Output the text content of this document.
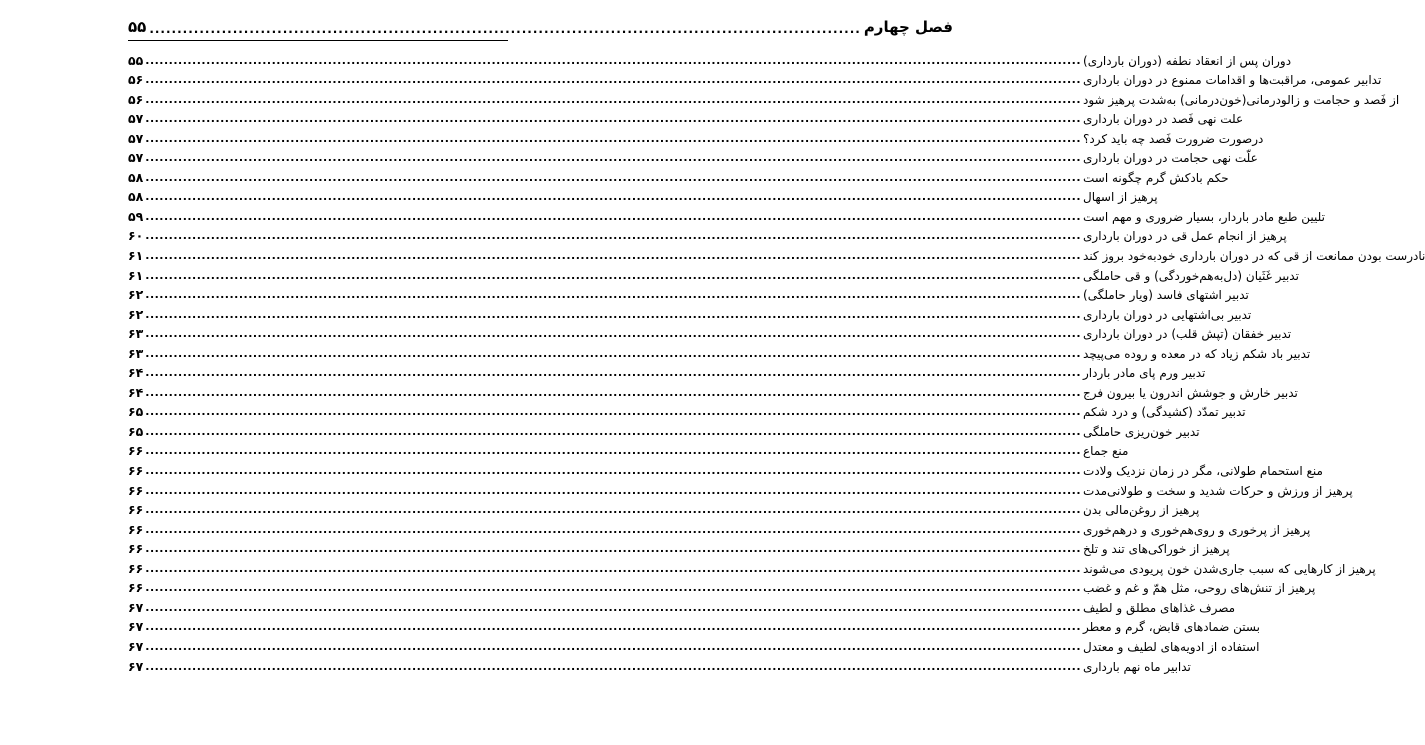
۵۵ ................................................................................................................................ فصل چهارم
۵۵ ........................................................................................................................................................................................................ دوران پس از انعقاد نطفه (دوران بارداری)
۵۶ ........................................................................................................................................................................................................ تدابیر عمومی، مراقبت‌ها و اقدامات ممنوع در دوران بارداری
۵۶ ........................................................................................................................................................................................................ از فَصد و حجامت و زالو‌درمانی(خون‌درمانی) به‌شدت پرهیز شود
۵۷ ........................................................................................................................................................................................................ علت نهی فَصد در دوران بارداری
۵۷ ........................................................................................................................................................................................................ درصورت ضرورت فَصد چه باید کرد؟
۵۷ ........................................................................................................................................................................................................ علّت نهی حجامت در دوران بارداری
۵۸ ........................................................................................................................................................................................................ حکم بادکش گرم چگونه است
۵۸ ........................................................................................................................................................................................................ پرهیز از اسهال
۵۹ ........................................................................................................................................................................................................ تلیین طبع مادر باردار، بسیار ضروری و مهم است
۶۰ ........................................................................................................................................................................................................ پرهیز از انجام عمل قی در دوران بارداری
۶۱ ........................................................................................................................................................................................................ نادرست بودن ممانعت از قی که در دوران بارداری خودبه‌خود بروز کند
۶۱ ........................................................................................................................................................................................................ تدبیر غَثَیان (دل‌به‌هم‌خوردگی) و قی حاملگی
۶۲ ........................................................................................................................................................................................................ تدبیر اشتهای فاسد (ویار حاملگی)
۶۲ ........................................................................................................................................................................................................ تدبیر بی‌اشتهایی در دوران بارداری
۶۳ ........................................................................................................................................................................................................ تدبیر خفقان (تپش قلب) در دوران بارداری
۶۳ ........................................................................................................................................................................................................ تدبیر باد شکم زیاد که در معده و روده می‌پیچد
۶۴ ........................................................................................................................................................................................................ تدبیر ورم پای مادر باردار
۶۴ ........................................................................................................................................................................................................ تدبیر خارش و جوشش اندرون یا بیرون فرج
۶۵ ........................................................................................................................................................................................................ تدبیر تمدّد (کشیدگی) و درد شکم
۶۵ ........................................................................................................................................................................................................ تدبیر خون‌ریزی حاملگی
۶۶ ........................................................................................................................................................................................................ منع جماع
۶۶ ........................................................................................................................................................................................................ منع استحمام طولانی، مگر در زمان نزدیک ولادت
۶۶ ........................................................................................................................................................................................................ پرهیز از ورزش و حرکات شدید و سخت و طولانی‌مدت
۶۶ ........................................................................................................................................................................................................ پرهیز از روغن‌مالی بدن
۶۶ ........................................................................................................................................................................................................ پرهیز از پرخوری و روی‌هم‌خوری و درهم‌خوری
۶۶ ........................................................................................................................................................................................................ پرهیز از خوراکی‌های تند و تلخ
۶۶ ........................................................................................................................................................................................................ پرهیز از کارهایی که سبب جاری‌شدن خون پریودی می‌شوند
۶۶ ........................................................................................................................................................................................................ پرهیز از تنش‌های روحی، مثل همّ و غم و غضب
۶۷ ........................................................................................................................................................................................................ مصرف غذاهای مطلق و لطیف
۶۷ ........................................................................................................................................................................................................ بستن ضمادهای قابض، گرم و معطر
۶۷ ........................................................................................................................................................................................................ استفاده از ادویه‌های لطیف و معتدل
۶۷ ........................................................................................................................................................................................................ تدابیر ماه نهم بارداری
